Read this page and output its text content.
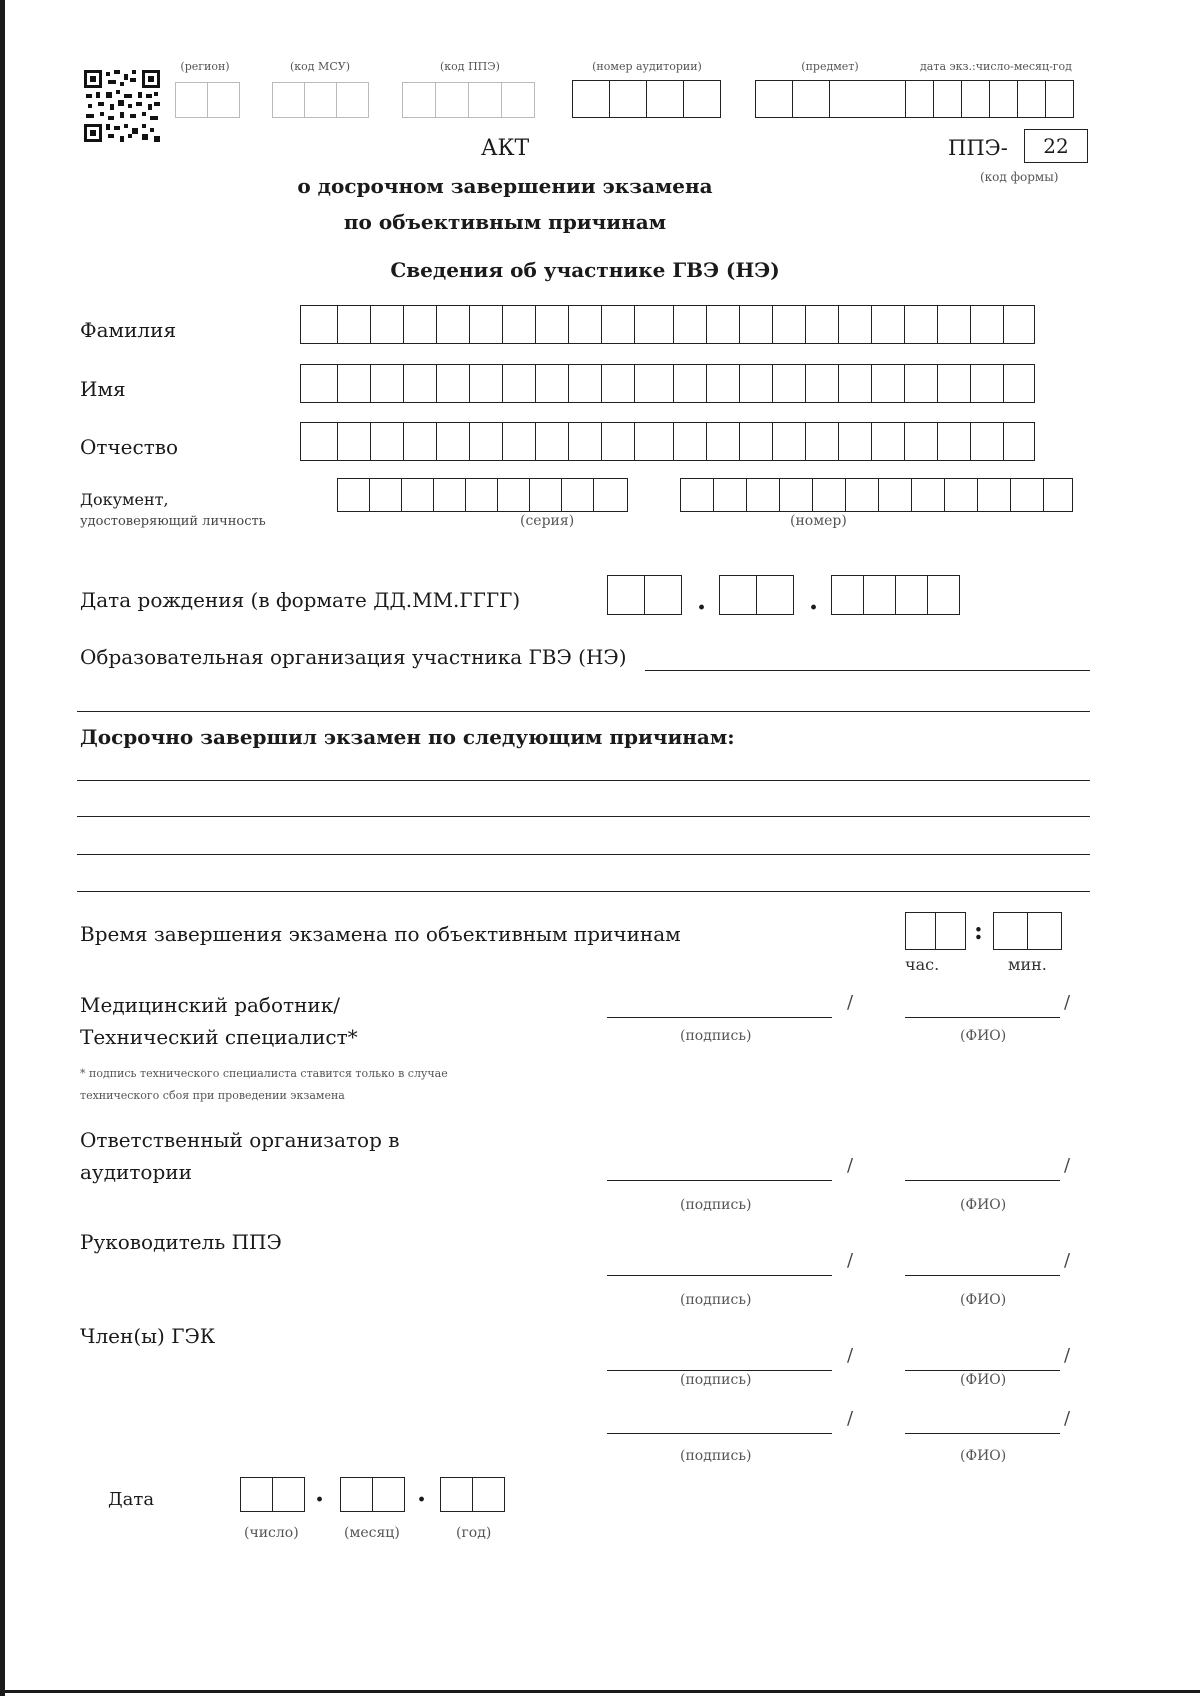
(регион)	(код МСУ)	(код ППЭ)	(номер аудитории)	(предмет)	дата экз.:число-месяц-год
АКТ
о досрочном завершении экзамена
по объективным причинам
ППЭ-	22
(код формы)
Сведения об участнике ГВЭ (НЭ)
Фамилия
Имя
Отчество
Документ,
удостоверяющий личность	(серия)	(номер)
Дата рождения (в формате ДД.ММ.ГГГГ)	.	.
Образовательная организация участника ГВЭ (НЭ)
Досрочно завершил экзамен по следующим причинам:
Время завершения экзамена по объективным причинам	:
час.	мин.
Медицинский работник/
Технический специалист*
/	/
(подпись)	(ФИО)
* подпись технического специалиста ставится только в случае
технического сбоя при проведении экзамена
Ответственный организатор в
аудитории	/	/
(подпись)	(ФИО)
Руководитель ППЭ
/	/
(подпись)	(ФИО)
Член(ы) ГЭК
/	/
(подпись)	(ФИО)
/	/
(подпись)	(ФИО)
Дата	.	.
(число)	(месяц)	(год)
